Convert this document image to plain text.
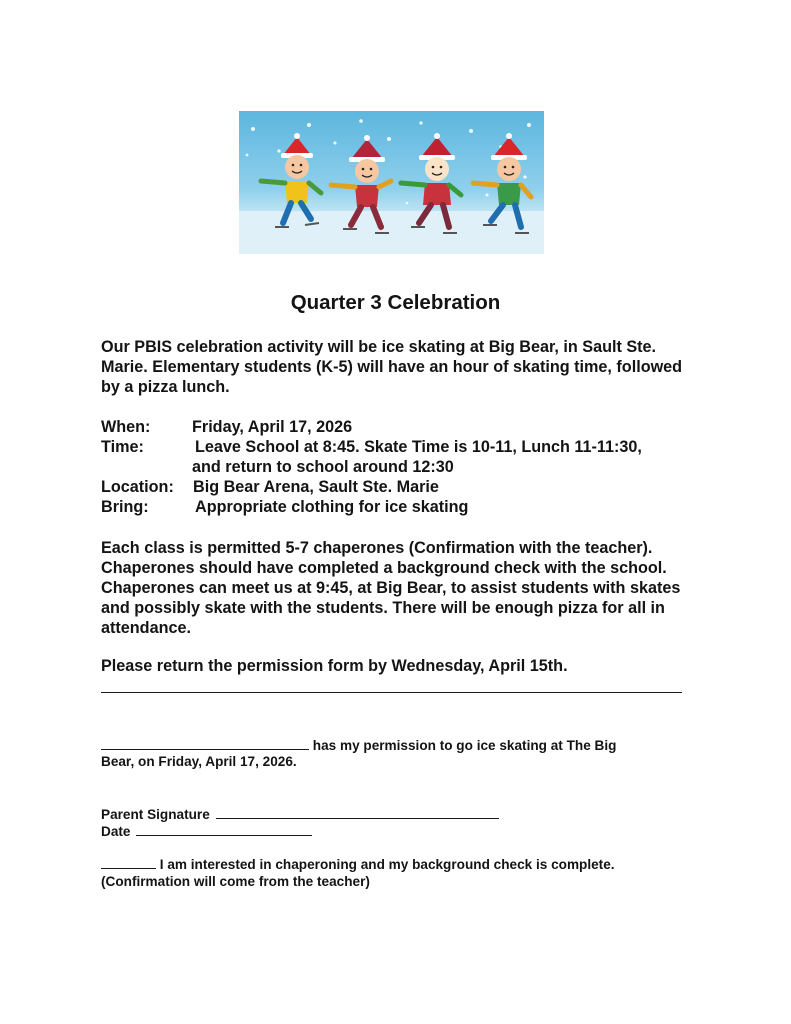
Quarter 3 Celebration
Our PBIS celebration activity will be ice skating at Big Bear, in Sault Ste. Marie. Elementary students (K-5) will have an hour of skating time, followed by a pizza lunch.
When:	Friday, April 17, 2026
Time:	Leave School at 8:45. Skate Time is 10-11, Lunch 11-11:30,
and return to school around 12:30
Location: Big Bear Arena, Sault Ste. Marie
Bring:	Appropriate clothing for ice skating
Each class is permitted 5-7 chaperones (Confirmation with the teacher). Chaperones should have completed a background check with the school. Chaperones can meet us at 9:45, at Big Bear, to assist students with skates and possibly skate with the students. There will be enough pizza for all in attendance.
Please return the permission form by Wednesday, April 15th.
has my permission to go ice skating at The Big
Bear, on Friday, April 17, 2026.
Parent Signature
Date
I am interested in chaperoning and my background check is complete.
(Confirmation will come from the teacher)
